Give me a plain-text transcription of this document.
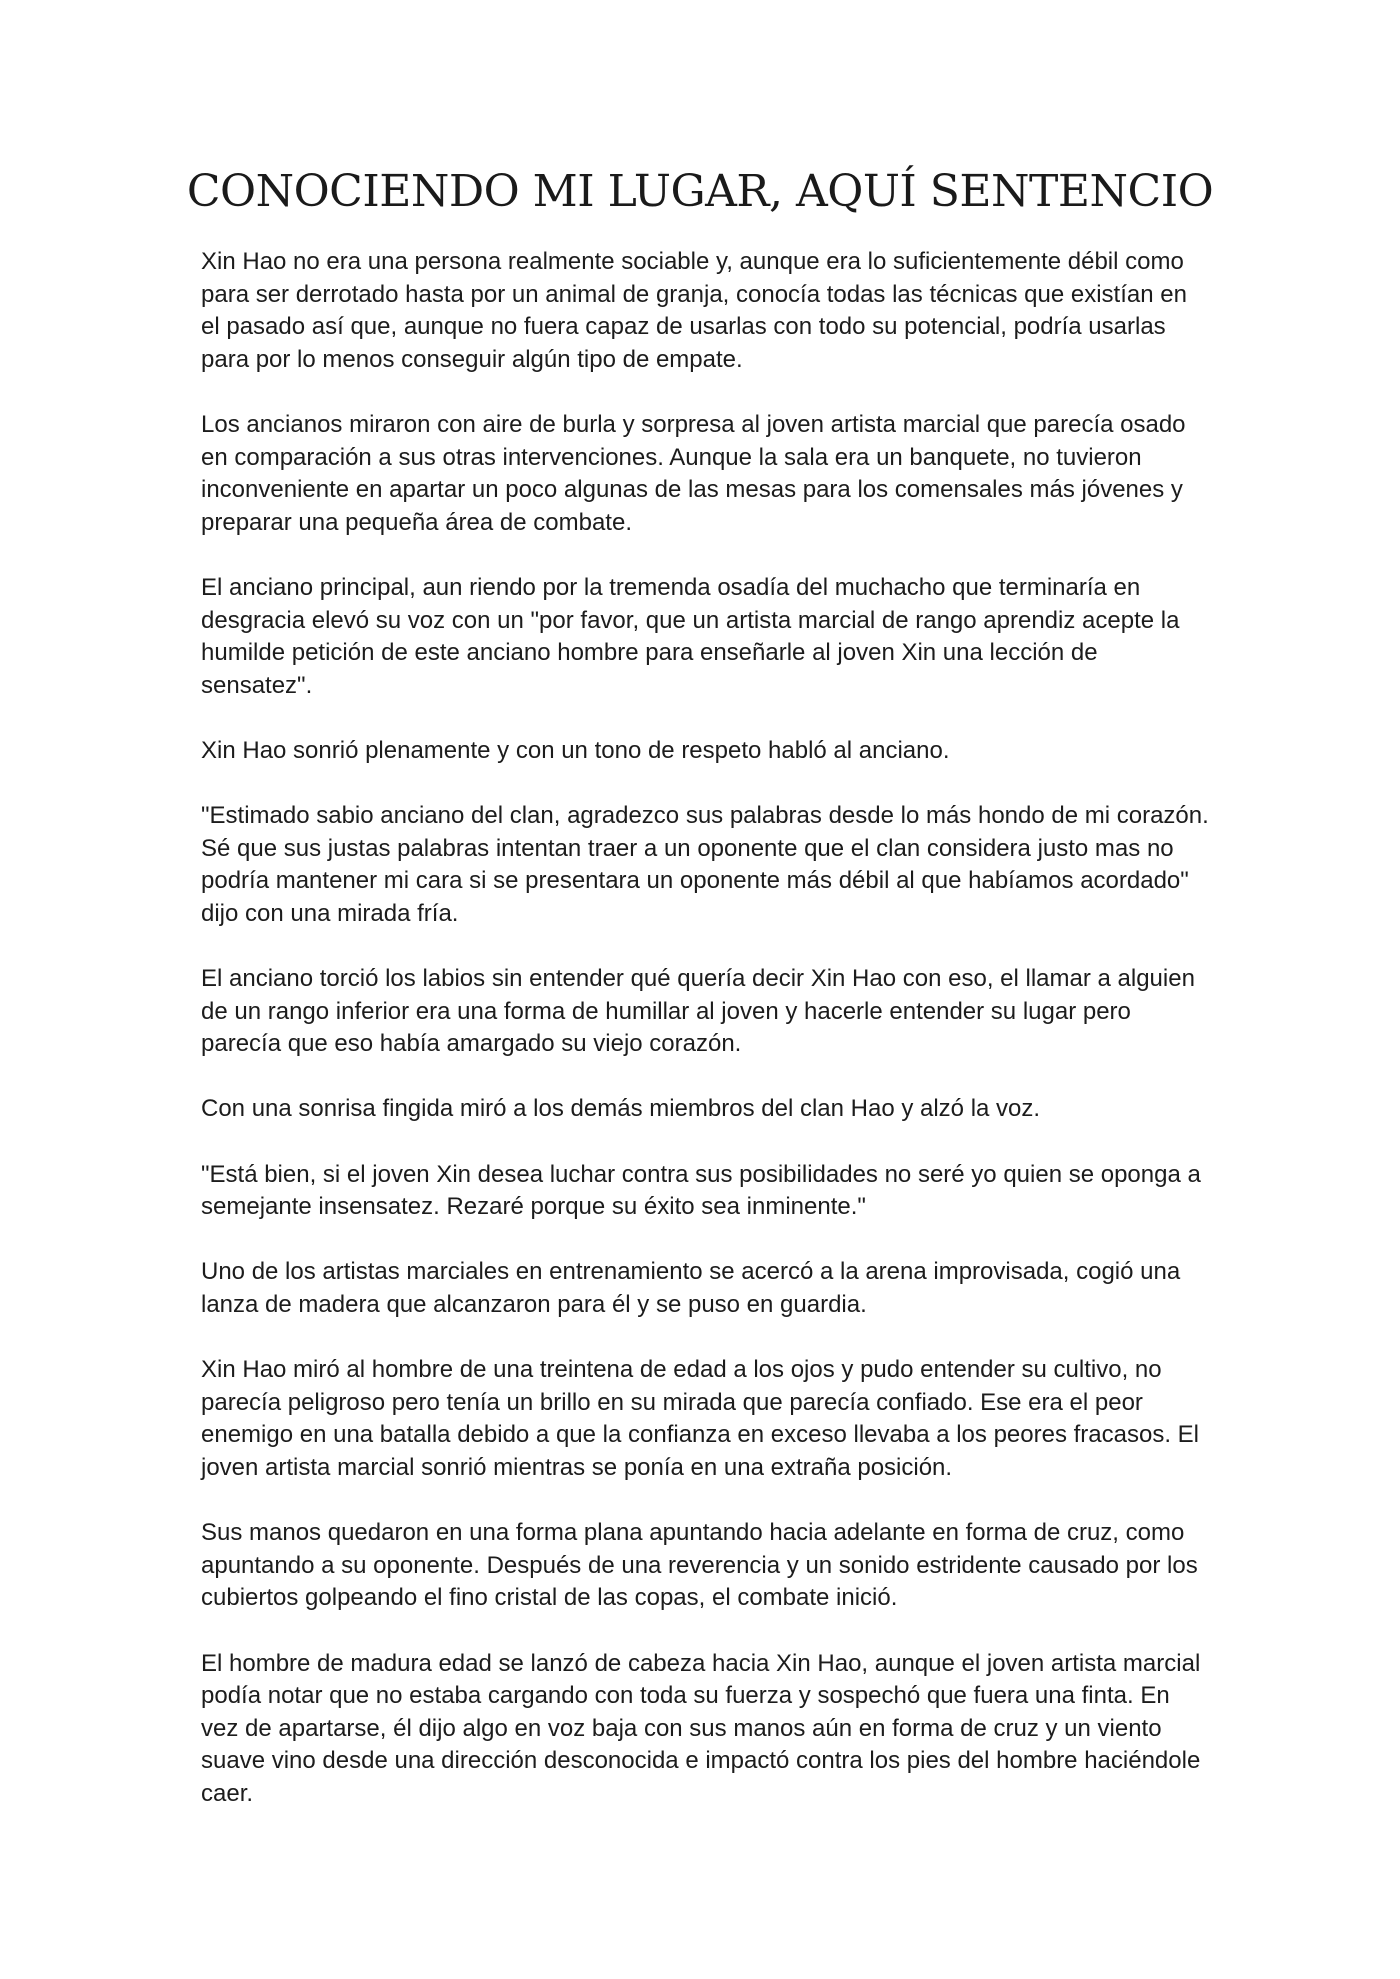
CONOCIENDO MI LUGAR, AQUÍ SENTENCIO

Xin Hao no era una persona realmente sociable y, aunque era lo suficientemente débil como para ser derrotado hasta por un animal de granja, conocía todas las técnicas que existían en el pasado así que, aunque no fuera capaz de usarlas con todo su potencial, podría usarlas para por lo menos conseguir algún tipo de empate.

Los ancianos miraron con aire de burla y sorpresa al joven artista marcial que parecía osado en comparación a sus otras intervenciones. Aunque la sala era un banquete, no tuvieron inconveniente en apartar un poco algunas de las mesas para los comensales más jóvenes y preparar una pequeña área de combate.

El anciano principal, aun riendo por la tremenda osadía del muchacho que terminaría en desgracia elevó su voz con un "por favor, que un artista marcial de rango aprendiz acepte la humilde petición de este anciano hombre para enseñarle al joven Xin una lección de sensatez".

Xin Hao sonrió plenamente y con un tono de respeto habló al anciano.

"Estimado sabio anciano del clan, agradezco sus palabras desde lo más hondo de mi corazón. Sé que sus justas palabras intentan traer a un oponente que el clan considera justo mas no podría mantener mi cara si se presentara un oponente más débil al que habíamos acordado" dijo con una mirada fría.

El anciano torció los labios sin entender qué quería decir Xin Hao con eso, el llamar a alguien de un rango inferior era una forma de humillar al joven y hacerle entender su lugar pero parecía que eso había amargado su viejo corazón.

Con una sonrisa fingida miró a los demás miembros del clan Hao y alzó la voz.

"Está bien, si el joven Xin desea luchar contra sus posibilidades no seré yo quien se oponga a semejante insensatez. Rezaré porque su éxito sea inminente."

Uno de los artistas marciales en entrenamiento se acercó a la arena improvisada, cogió una lanza de madera que alcanzaron para él y se puso en guardia.

Xin Hao miró al hombre de una treintena de edad a los ojos y pudo entender su cultivo, no parecía peligroso pero tenía un brillo en su mirada que parecía confiado. Ese era el peor enemigo en una batalla debido a que la confianza en exceso llevaba a los peores fracasos. El joven artista marcial sonrió mientras se ponía en una extraña posición.

Sus manos quedaron en una forma plana apuntando hacia adelante en forma de cruz, como apuntando a su oponente. Después de una reverencia y un sonido estridente causado por los cubiertos golpeando el fino cristal de las copas, el combate inició.

El hombre de madura edad se lanzó de cabeza hacia Xin Hao, aunque el joven artista marcial podía notar que no estaba cargando con toda su fuerza y sospechó que fuera una finta. En vez de apartarse, él dijo algo en voz baja con sus manos aún en forma de cruz y un viento suave vino desde una dirección desconocida e impactó contra los pies del hombre haciéndole caer.
